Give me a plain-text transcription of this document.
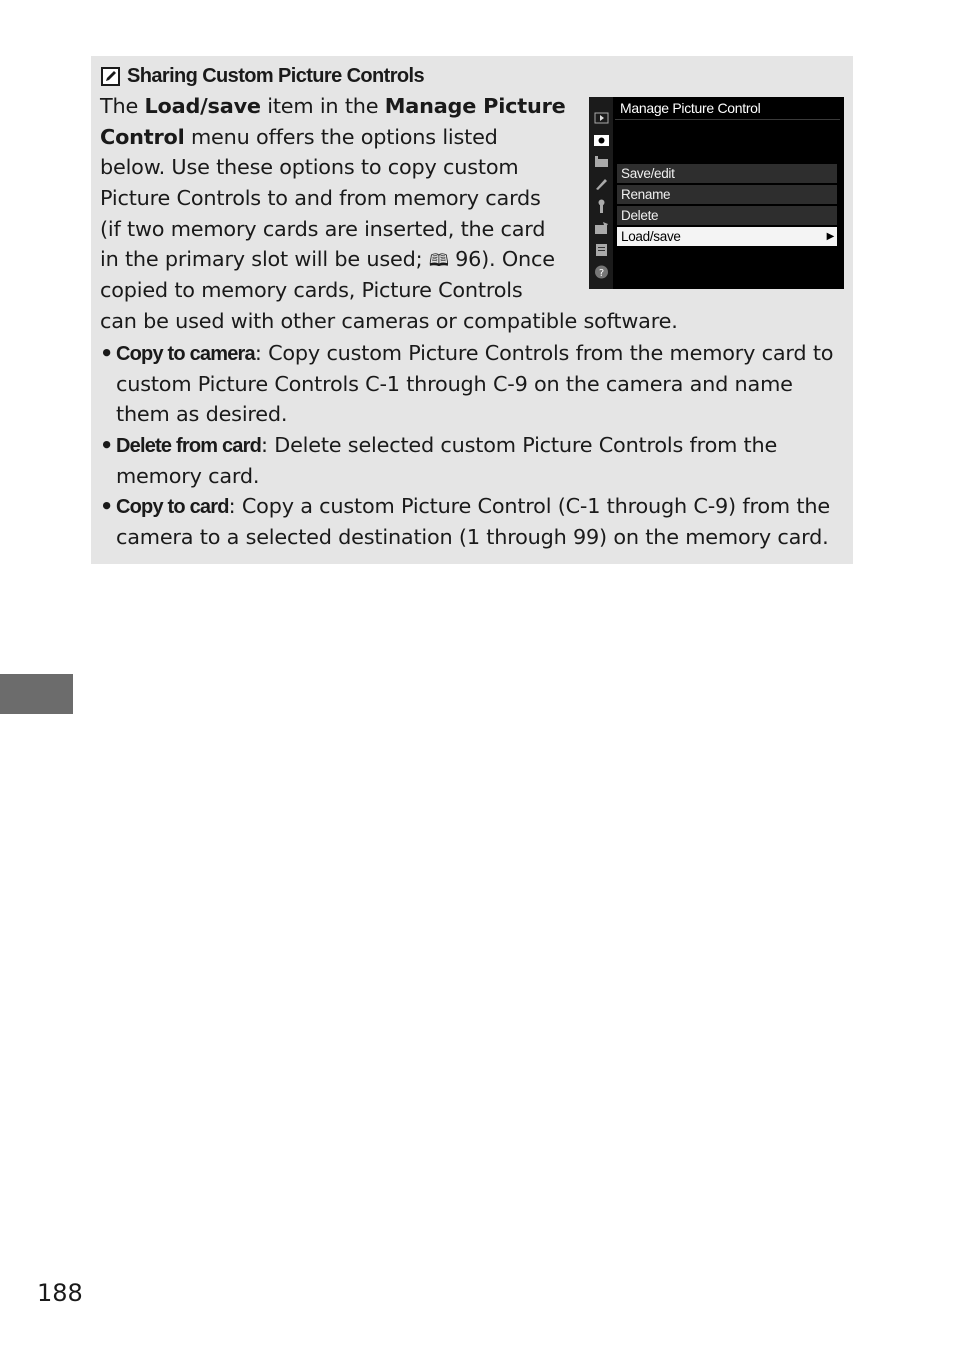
Sharing Custom Picture Controls
The Load/save item in the Manage Picture
Control menu offers the options listed
below. Use these options to copy custom
Picture Controls to and from memory cards
(if two memory cards are inserted, the card
in the primary slot will be used; 🕮 96). Once
copied to memory cards, Picture Controls
can be used with other cameras or compatible software.
• Copy to camera: Copy custom Picture Controls from the memory card to
custom Picture Controls C-1 through C-9 on the camera and name
them as desired.
• Delete from card: Delete selected custom Picture Controls from the
memory card.
• Copy to card: Copy a custom Picture Control (C-1 through C-9) from the
camera to a selected destination (1 through 99) on the memory card.
?
Manage Picture Control
Save/edit
Rename
Delete
Load/save	▶
188
